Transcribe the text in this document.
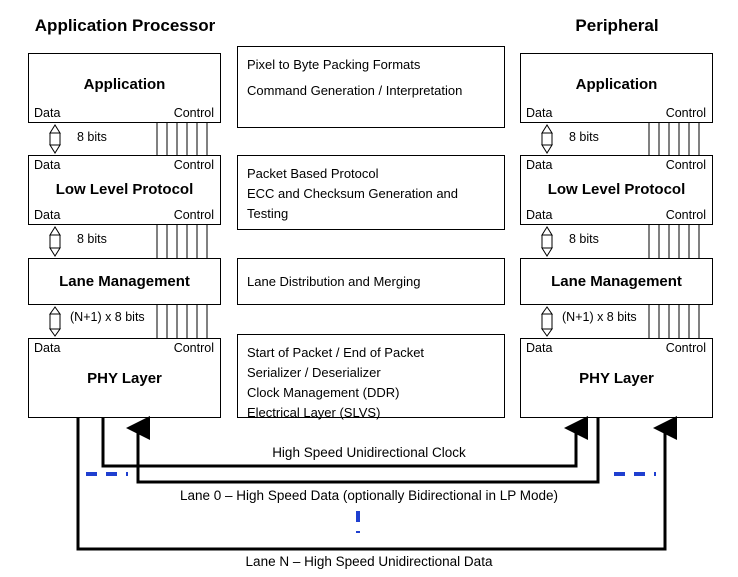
Application Processor	Peripheral
Application
Data	Control
Low Level Protocol
Data	Control
Data	Control
Lane Management
PHY Layer
Data	Control
8 bits
8 bits
(N+1) x 8 bits
Application
Data	Control
Low Level Protocol
Data	Control
Data	Control
Lane Management
PHY Layer
Data	Control
8 bits
8 bits
(N+1) x 8 bits
Pixel to Byte Packing Formats
Command Generation / Interpretation
Packet Based Protocol
ECC and Checksum Generation and
Testing
Lane Distribution and Merging
Start of Packet / End of Packet
Serializer / Deserializer
Clock Management (DDR)
Electrical Layer (SLVS)
High Speed Unidirectional Clock
Lane 0 – High Speed Data (optionally Bidirectional in LP Mode)
Lane N – High Speed Unidirectional Data
